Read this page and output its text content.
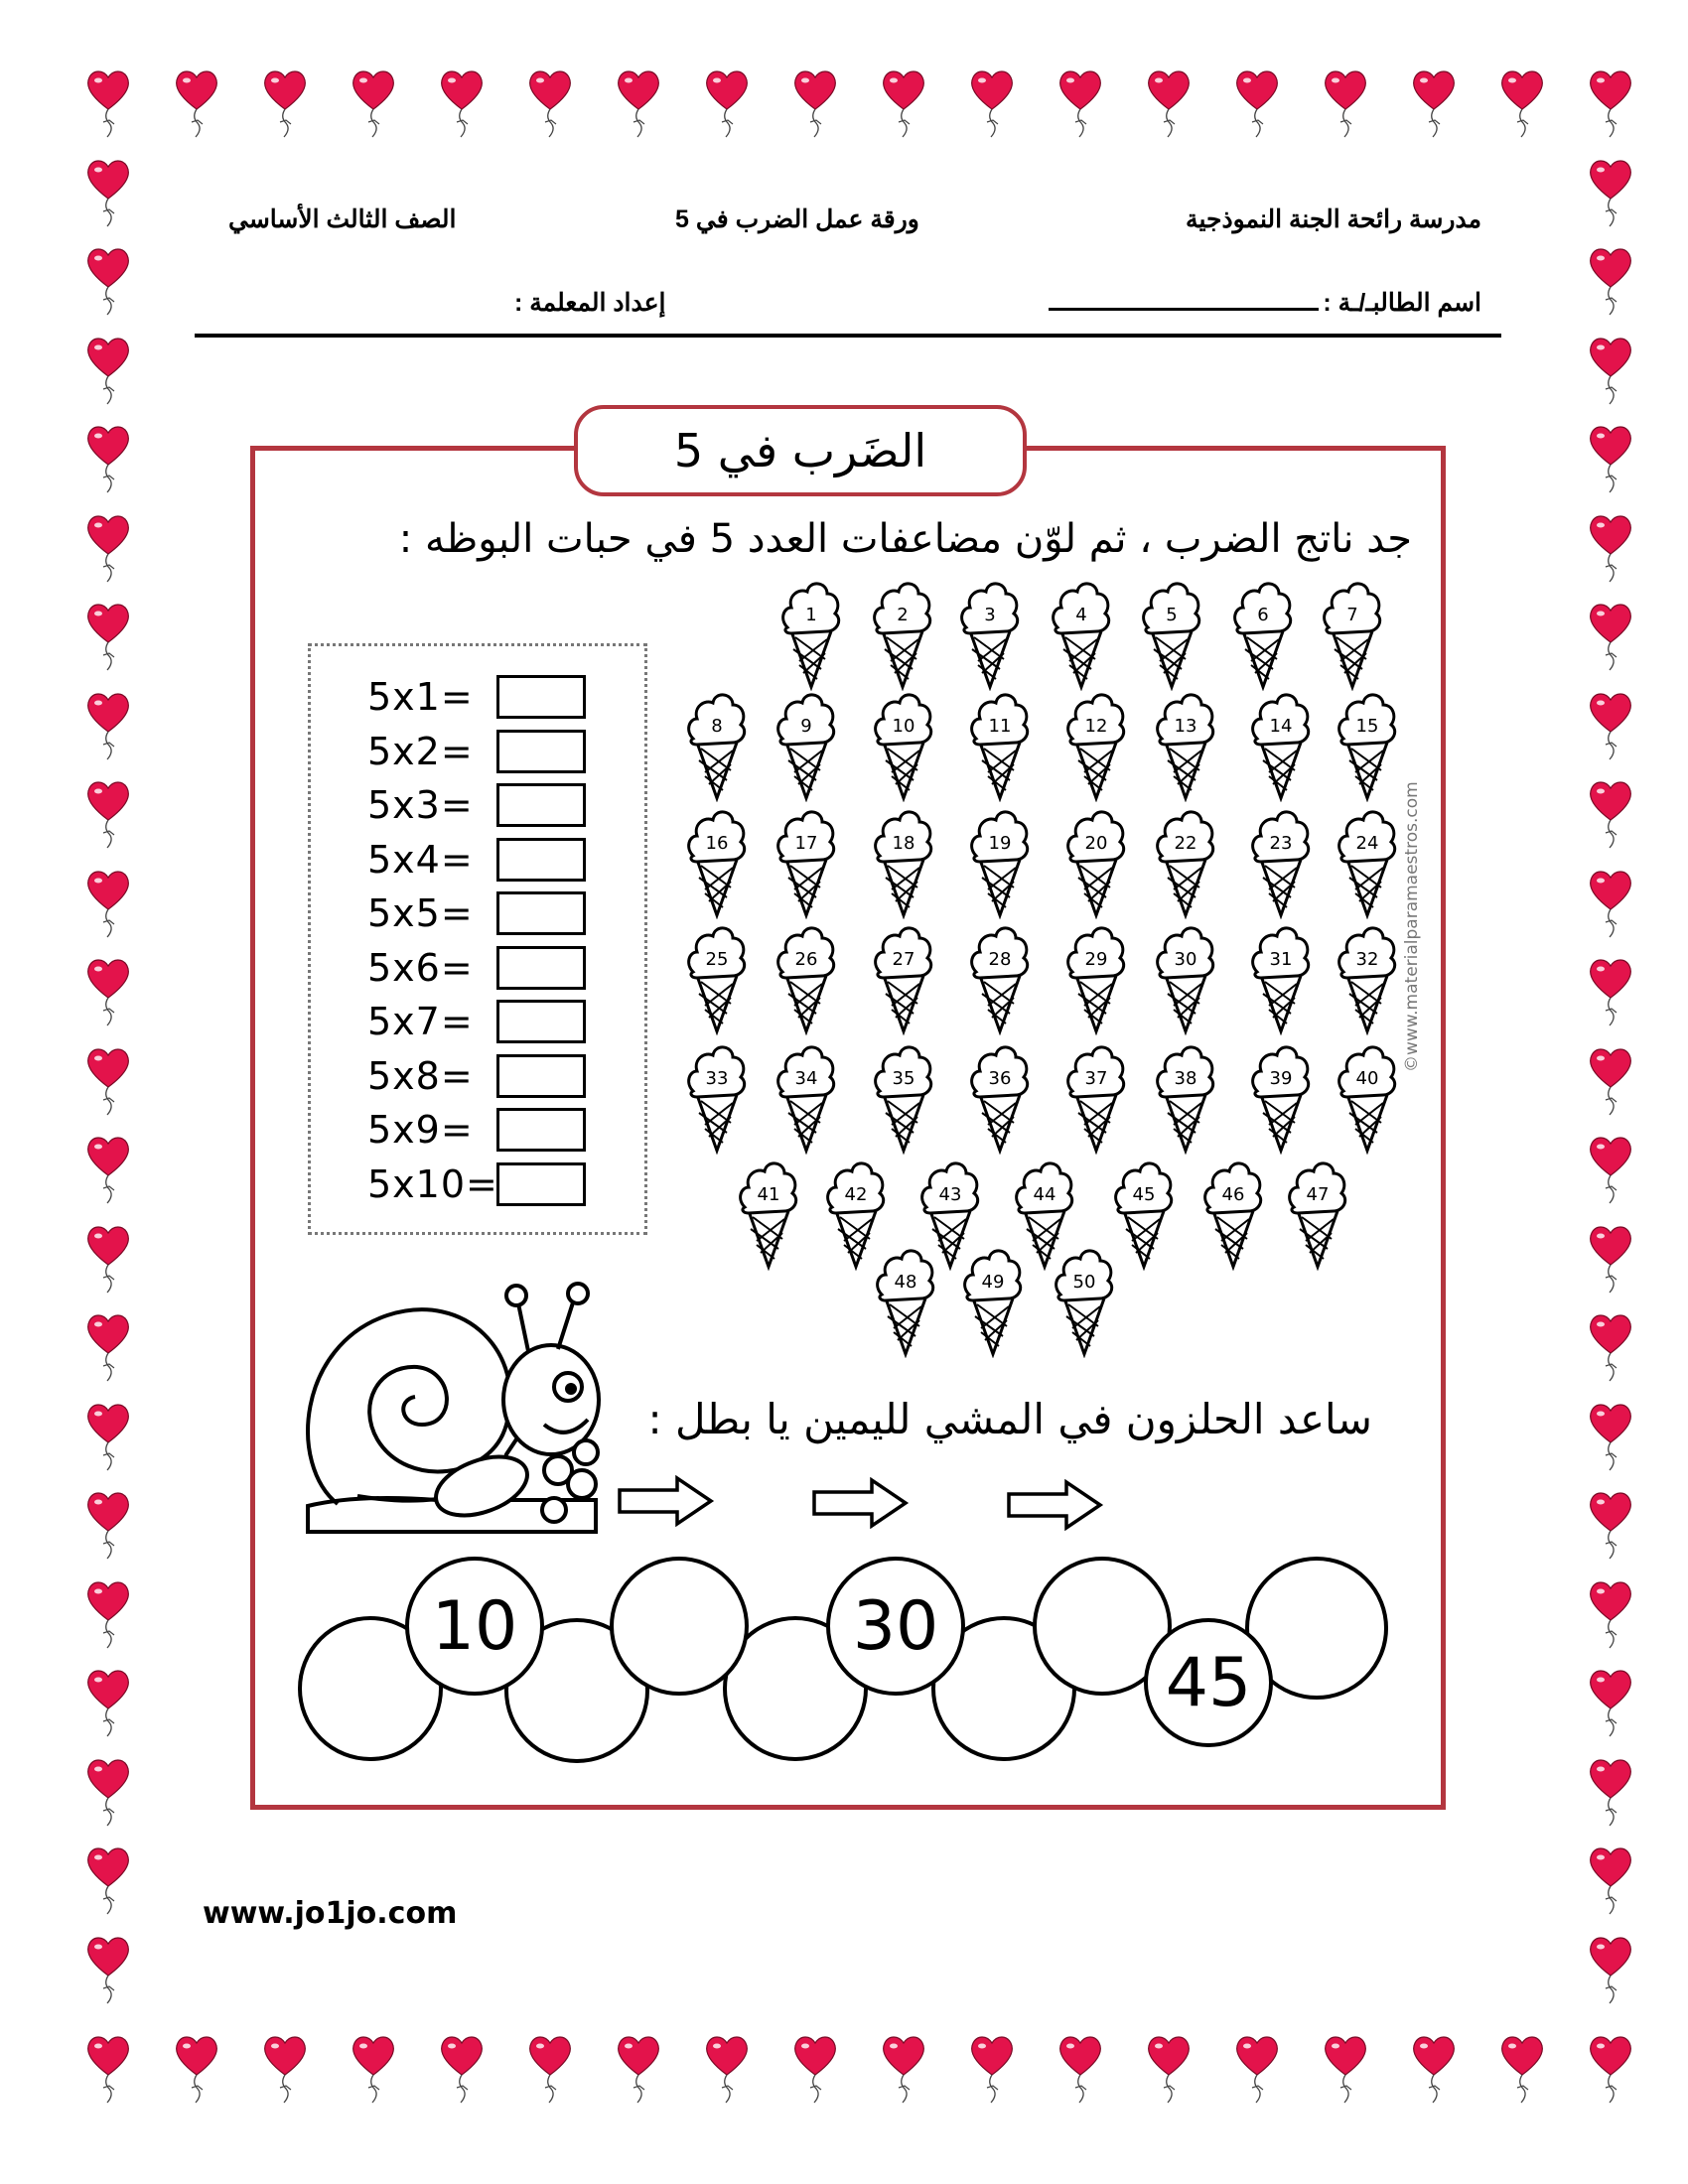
مدرسة رائحة الجنة النموذجية
ورقة عمل الضرب في 5
الصف الثالث الأساسي
اسم الطالبـ/ـة :
إعداد المعلمة :
الضَرب في 5
جد ناتج الضرب ، ثم لوّن مضاعفات العدد 5 في حبات البوظه :
5x1=
5x2=
5x3=
5x4=
5x5=
5x6=
5x7=
5x8=
5x9=
5x10=
1	2	3	4	5	6	7
8	9	10	11	12	13	14	15
16	17	18	19	20	22	23	24
25	26	27	28	29	30	31	32
33	34	35	36	37	38	39	40
41	42	43	44	45	46	47
48	49	50
©www.materialparamaestros.com
ساعد الحلزون في المشي لليمين يا بطل :
10	30
45
www.jo1jo.com
